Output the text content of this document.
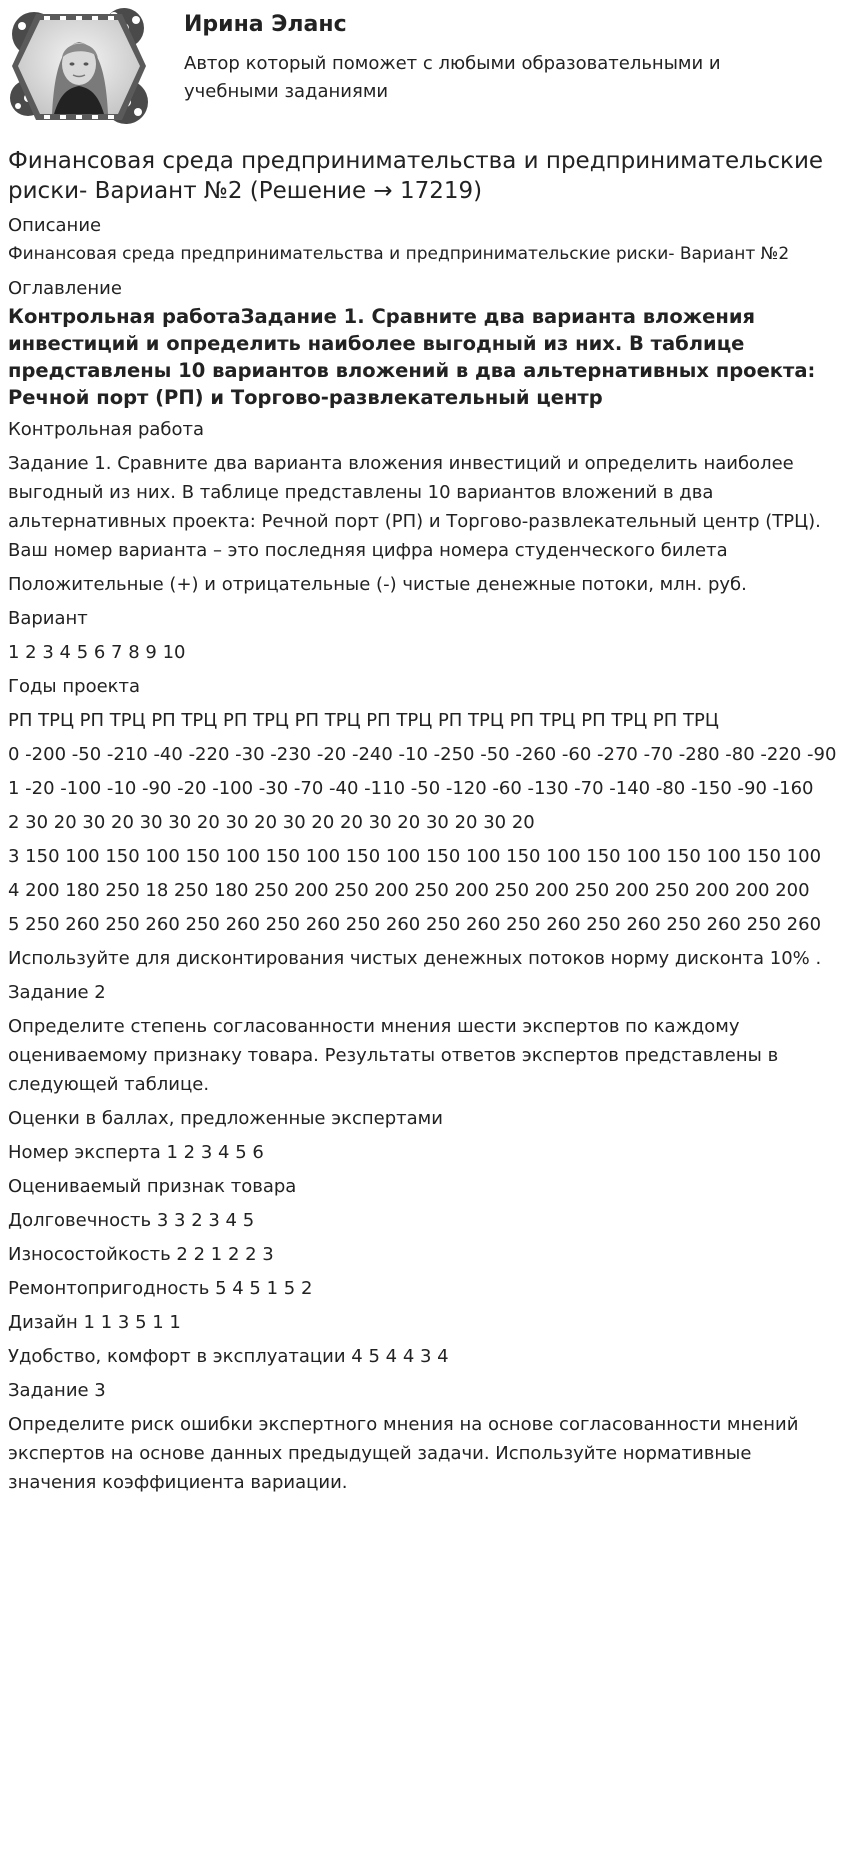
Ирина Эланс
Автор который поможет с любыми образовательными и учебными заданиями
Финансовая среда предпринимательства и предпринимательские риски- Вариант №2 (Решение → 17219)
Описание
Финансовая среда предпринимательства и предпринимательские риски- Вариант №2
Оглавление
Контрольная работаЗадание 1. Сравните два варианта вложения инвестиций и определить наиболее выгодный из них. В таблице представлены 10 вариантов вложений в два альтернативных проекта: Речной порт (РП) и Торгово-развлекательный центр
Контрольная работа
Задание 1. Сравните два варианта вложения инвестиций и определить наиболее выгодный из них. В таблице представлены 10 вариантов вложений в два альтернативных проекта: Речной порт (РП) и Торгово-развлекательный центр (ТРЦ). Ваш номер варианта – это последняя цифра номера студенческого билета
Положительные (+) и отрицательные (-) чистые денежные потоки, млн. руб.
Вариант
1 2 3 4 5 6 7 8 9 10
Годы проекта
РП ТРЦ РП ТРЦ РП ТРЦ РП ТРЦ РП ТРЦ РП ТРЦ РП ТРЦ РП ТРЦ РП ТРЦ РП ТРЦ
0 -200 -50 -210 -40 -220 -30 -230 -20 -240 -10 -250 -50 -260 -60 -270 -70 -280 -80 -220 -90
1 -20 -100 -10 -90 -20 -100 -30 -70 -40 -110 -50 -120 -60 -130 -70 -140 -80 -150 -90 -160
2 30 20 30 20 30 30 20 30 20 30 20 20 30 20 30 20 30 20
3 150 100 150 100 150 100 150 100 150 100 150 100 150 100 150 100 150 100 150 100
4 200 180 250 18 250 180 250 200 250 200 250 200 250 200 250 200 250 200 200 200
5 250 260 250 260 250 260 250 260 250 260 250 260 250 260 250 260 250 260 250 260
Используйте для дисконтирования чистых денежных потоков норму дисконта 10% .
Задание 2
Определите степень согласованности мнения шести экспертов по каждому оцениваемому признаку товара. Результаты ответов экспертов представлены в следующей таблице.
Оценки в баллах, предложенные экспертами
Номер эксперта 1 2 3 4 5 6
Оцениваемый признак товара
Долговечность 3 3 2 3 4 5
Износостойкость 2 2 1 2 2 3
Ремонтопригодность 5 4 5 1 5 2
Дизайн 1 1 3 5 1 1
Удобство, комфорт в эксплуатации 4 5 4 4 3 4
Задание 3
Определите риск ошибки экспертного мнения на основе согласованности мнений экспертов на основе данных предыдущей задачи. Используйте нормативные значения коэффициента вариации.
